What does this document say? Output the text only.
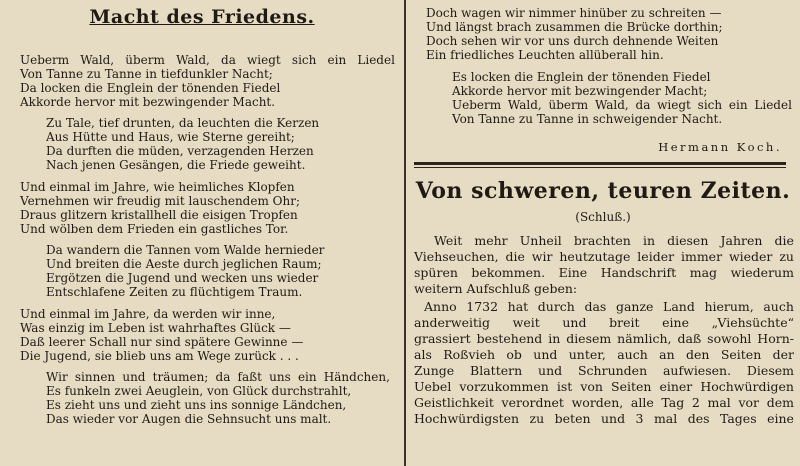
Macht des Friedens.
Ueberm Wald, überm Wald, da wiegt sich ein Liedel
Von Tanne zu Tanne in tiefdunkler Nacht;
Da locken die Englein der tönenden Fiedel
Akkorde hervor mit bezwingender Macht.
Zu Tale, tief drunten, da leuchten die Kerzen
Aus Hütte und Haus, wie Sterne gereiht;
Da durften die müden, verzagenden Herzen
Nach jenen Gesängen, die Friede geweiht.
Und einmal im Jahre, wie heimliches Klopfen
Vernehmen wir freudig mit lauschendem Ohr;
Draus glitzern kristallhell die eisigen Tropfen
Und wölben dem Frieden ein gastliches Tor.
Da wandern die Tannen vom Walde hernieder
Und breiten die Aeste durch jeglichen Raum;
Ergötzen die Jugend und wecken uns wieder
Entschlafene Zeiten zu flüchtigem Traum.
Und einmal im Jahre, da werden wir inne,
Was einzig im Leben ist wahrhaftes Glück —
Daß leerer Schall nur sind spätere Gewinne —
Die Jugend, sie blieb uns am Wege zurück . . .
Wir sinnen und träumen; da faßt uns ein Händchen,
Es funkeln zwei Aeuglein, von Glück durchstrahlt,
Es zieht uns und zieht uns ins sonnige Ländchen,
Das wieder vor Augen die Sehnsucht uns malt.
Doch wagen wir nimmer hinüber zu schreiten —
Und längst brach zusammen die Brücke dorthin;
Doch sehen wir vor uns durch dehnende Weiten
Ein friedliches Leuchten allüberall hin.
Es locken die Englein der tönenden Fiedel
Akkorde hervor mit bezwingender Macht;
Ueberm Wald, überm Wald, da wiegt sich ein Liedel
Von Tanne zu Tanne in schweigender Nacht.
Hermann Koch.
Von schweren, teuren Zeiten.
(Schluß.)
Weit mehr Unheil brachten in diesen Jahren die
Viehseuchen, die wir heutzutage leider immer wieder zu
spüren bekommen. Eine Handschrift mag wiederum
weitern Aufschluß geben:
Anno 1732 hat durch das ganze Land hierum, auch
anderweitig weit und breit eine „Viehsüchte“
grassiert bestehend in diesem nämlich, daß sowohl Horn-
als Roßvieh ob und unter, auch an den Seiten der
Zunge Blattern und Schrunden aufwiesen. Diesem
Uebel vorzukommen ist von Seiten einer Hochwürdigen
Geistlichkeit verordnet worden, alle Tag 2 mal vor dem
Hochwürdigsten zu beten und 3 mal des Tages eine
